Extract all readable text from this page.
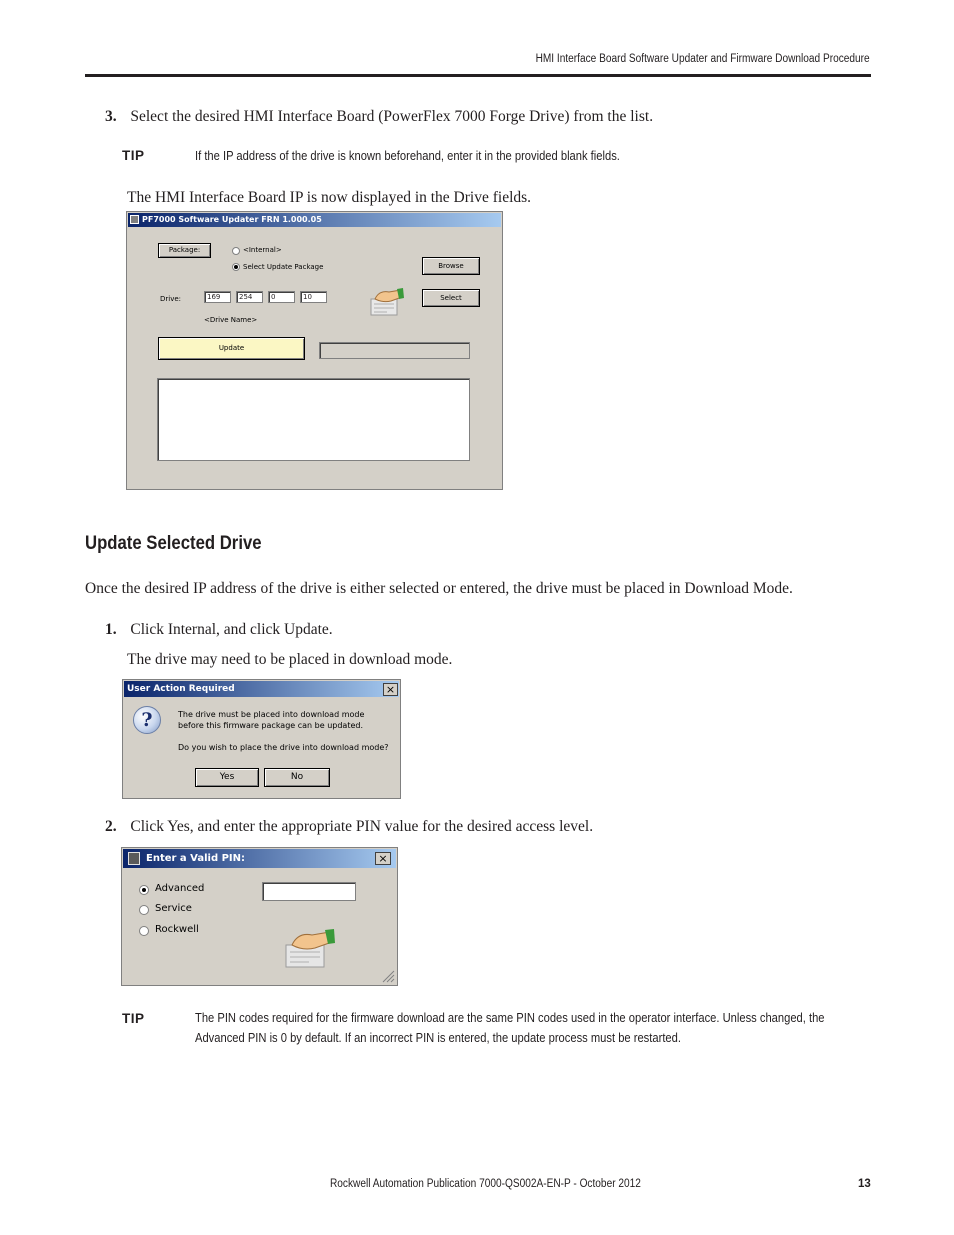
HMI Interface Board Software Updater and Firmware Download Procedure
3. Select the desired HMI Interface Board (PowerFlex 7000 Forge Drive) from the list.
TIP	If the IP address of the drive is known beforehand, enter it in the provided blank fields.
The HMI Interface Board IP is now displayed in the Drive fields.
PF7000 Software Updater FRN 1.000.05
Package:	<Internal>
Select Update Package	Browse
Drive:	169	254	0	10	Select
<Drive Name>
Update
Update Selected Drive
Once the desired IP address of the drive is either selected or entered, the drive must be placed in Download Mode.
1. Click Internal, and click Update.
The drive may need to be placed in download mode.
User Action Required	×
?	The drive must be placed into download mode
before this firmware package can be updated.
Do you wish to place the drive into download mode?
Yes	No
2. Click Yes, and enter the appropriate PIN value for the desired access level.
Enter a Valid PIN:	×
Advanced
Service
Rockwell
TIP	The PIN codes required for the firmware download are the same PIN codes used in the operator interface. Unless changed, the Advanced PIN is 0 by default. If an incorrect PIN is entered, the update process must be restarted.
Rockwell Automation Publication 7000-QS002A-EN-P - October 2012	13
